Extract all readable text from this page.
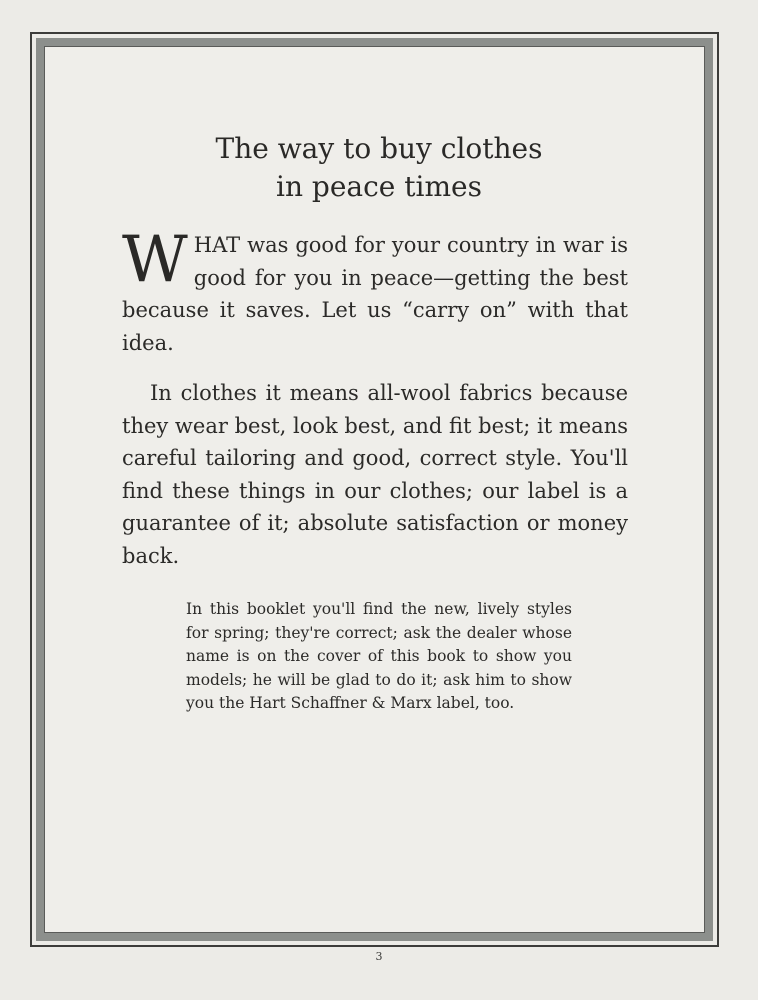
The way to buy clothes
in peace times

WHAT was good for your country in war is good for you in peace—getting the best because it saves. Let us “carry on” with that idea.

In clothes it means all-wool fabrics because they wear best, look best, and fit best; it means careful tailoring and good, correct style. You'll find these things in our clothes; our label is a guarantee of it; absolute satisfaction or money back.

In this booklet you'll find the new, lively styles for spring; they're correct; ask the dealer whose name is on the cover of this book to show you models; he will be glad to do it; ask him to show you the Hart Schaffner & Marx label, too.

3
